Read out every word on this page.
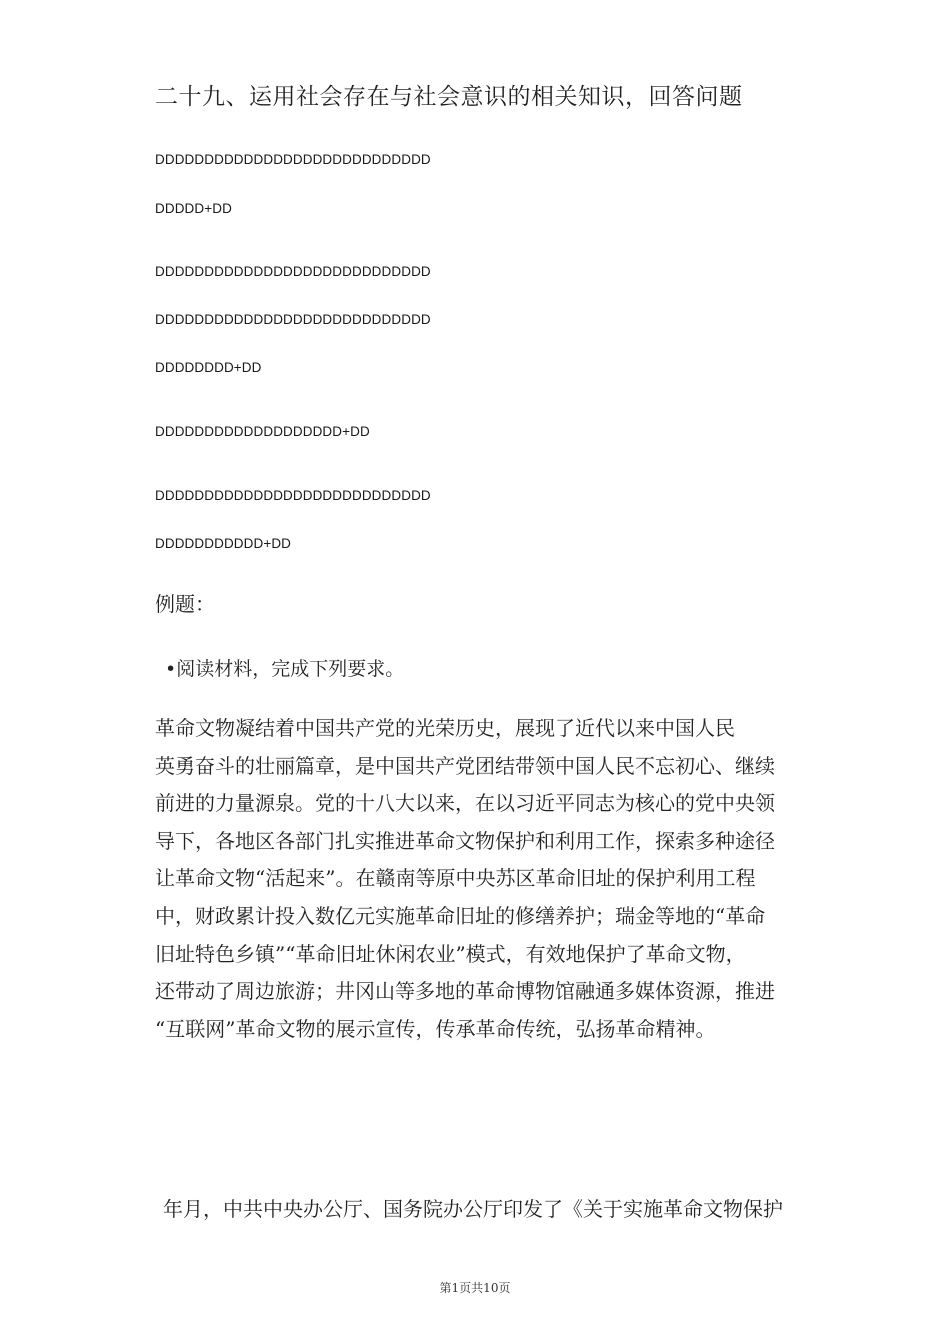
二十九、运用社会存在与社会意识的相关知识，回答问题
DDDDDDDDDDDDDDDDDDDDDDDDDDDD
DDDDD+DD
DDDDDDDDDDDDDDDDDDDDDDDDDDDD
DDDDDDDDDDDDDDDDDDDDDDDDDDDD
DDDDDDDD+DD
DDDDDDDDDDDDDDDDDDD+DD
DDDDDDDDDDDDDDDDDDDDDDDDDDDD
DDDDDDDDDDD+DD
例题：
•阅读材料，完成下列要求。
革命文物凝结着中国共产党的光荣历史，展现了近代以来中国人民
英勇奋斗的壮丽篇章，是中国共产党团结带领中国人民不忘初心、继续
前进的力量源泉。党的十八大以来，在以习近平同志为核心的党中央领
导下，各地区各部门扎实推进革命文物保护和利用工作，探索多种途径
让革命文物“活起来”。在赣南等原中央苏区革命旧址的保护利用工程
中，财政累计投入数亿元实施革命旧址的修缮养护；瑞金等地的“革命
旧址特色乡镇”“革命旧址休闲农业”模式，有效地保护了革命文物，
还带动了周边旅游；井冈山等多地的革命博物馆融通多媒体资源，推进
“互联网”革命文物的展示宣传，传承革命传统，弘扬革命精神。
年月，中共中央办公厅、国务院办公厅印发了《关于实施革命文物保护
第1页共10页
